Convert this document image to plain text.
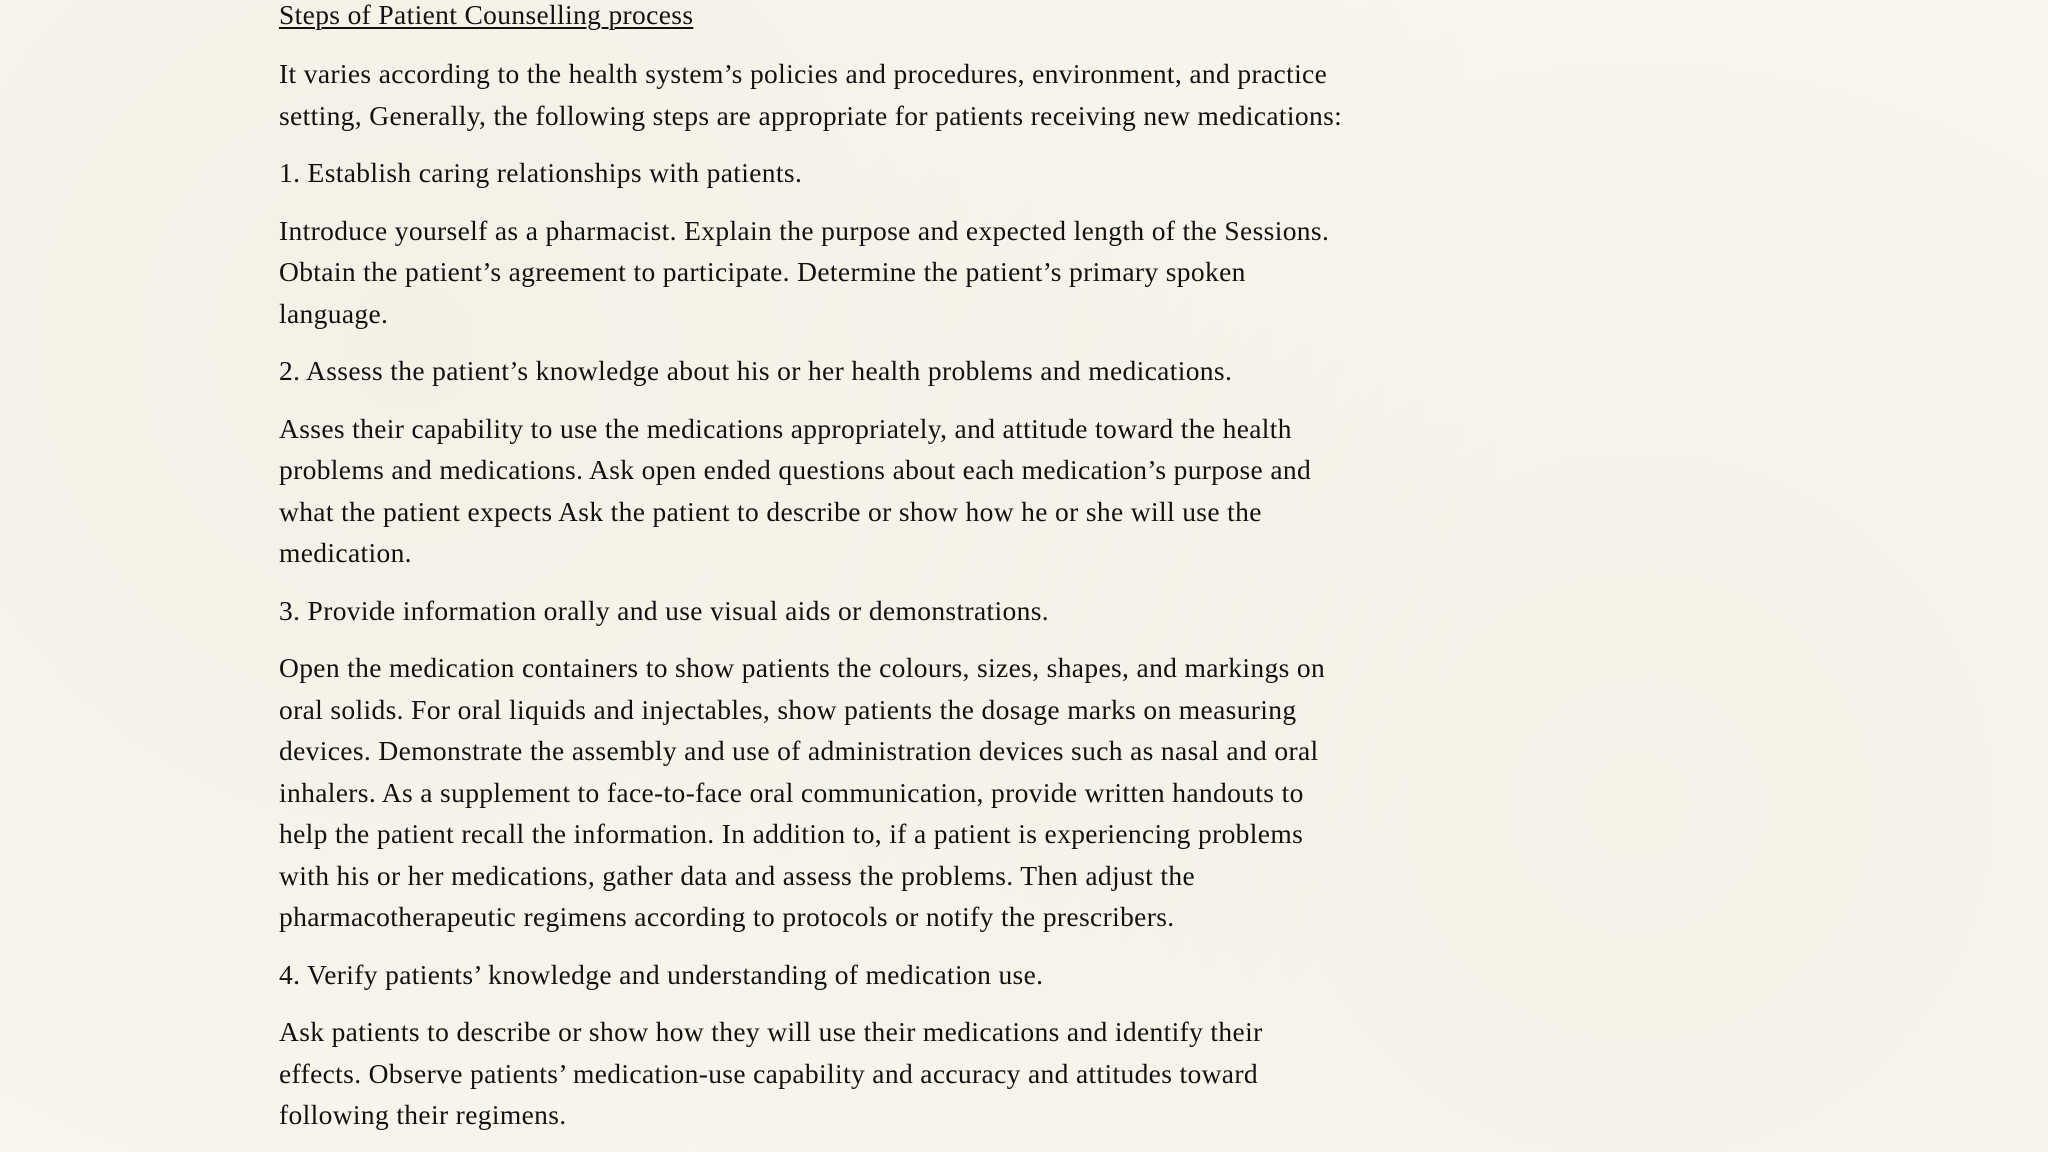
Steps of Patient Counselling process

It varies according to the health system’s policies and procedures, environment, and practice
setting, Generally, the following steps are appropriate for patients receiving new medications:

1. Establish caring relationships with patients.

Introduce yourself as a pharmacist. Explain the purpose and expected length of the Sessions.
Obtain the patient’s agreement to participate. Determine the patient’s primary spoken
language.

2. Assess the patient’s knowledge about his or her health problems and medications.

Asses their capability to use the medications appropriately, and attitude toward the health
problems and medications. Ask open ended questions about each medication’s purpose and
what the patient expects Ask the patient to describe or show how he or she will use the
medication.

3. Provide information orally and use visual aids or demonstrations.

Open the medication containers to show patients the colours, sizes, shapes, and markings on
oral solids. For oral liquids and injectables, show patients the dosage marks on measuring
devices. Demonstrate the assembly and use of administration devices such as nasal and oral
inhalers. As a supplement to face-to-face oral communication, provide written handouts to
help the patient recall the information. In addition to, if a patient is experiencing problems
with his or her medications, gather data and assess the problems. Then adjust the
pharmacotherapeutic regimens according to protocols or notify the prescribers.

4. Verify patients’ knowledge and understanding of medication use.

Ask patients to describe or show how they will use their medications and identify their
effects. Observe patients’ medication-use capability and accuracy and attitudes toward
following their regimens.
